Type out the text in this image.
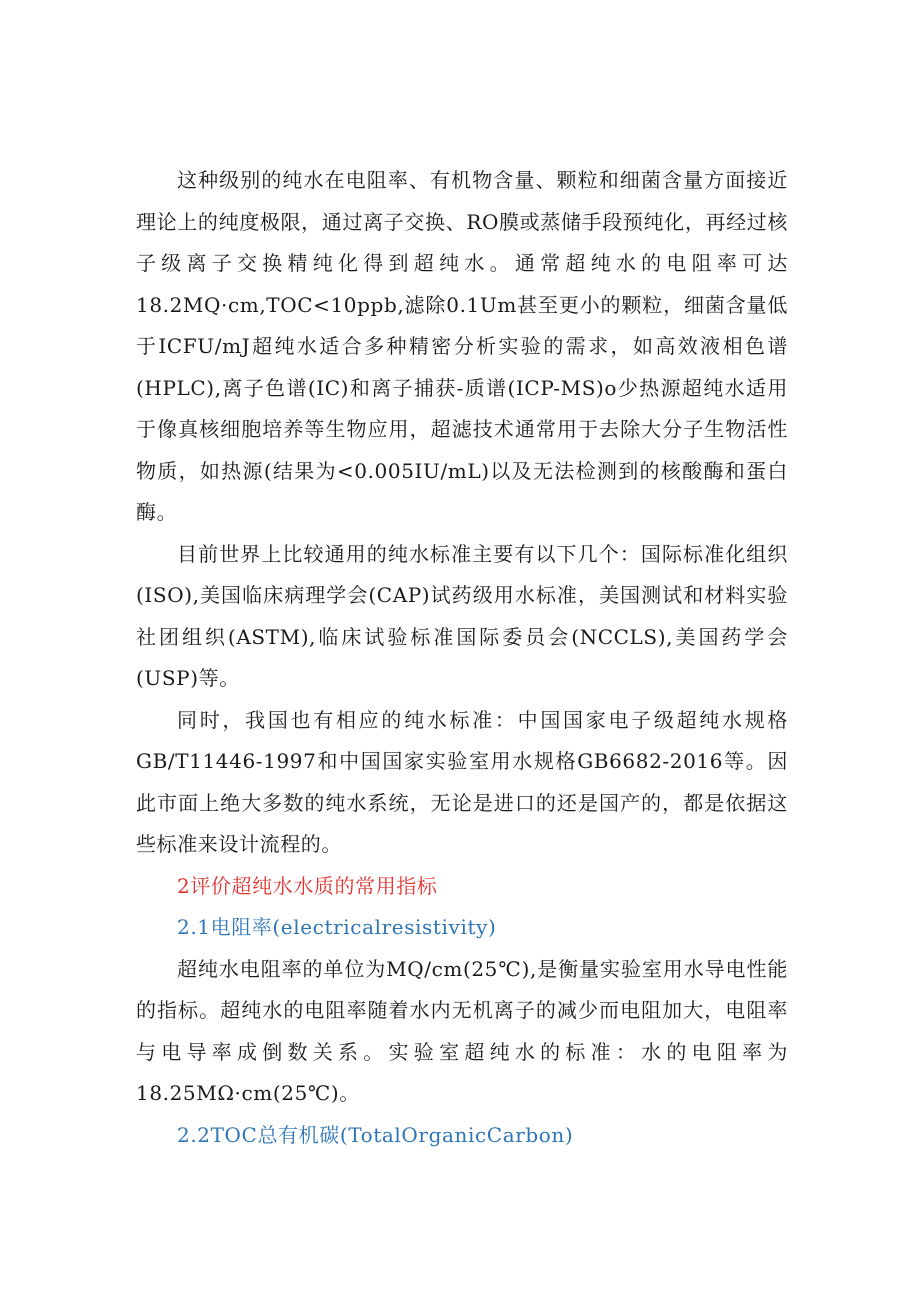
这种级别的纯水在电阻率、有机物含量、颗粒和细菌含量方面接近理论上的纯度极限，通过离子交换、RO膜或蒸储手段预纯化，再经过核子级离子交换精纯化得到超纯水。通常超纯水的电阻率可达18.2MQ·cm,TOC<10ppb,滤除0.1Um甚至更小的颗粒，细菌含量低于ICFU/mJ超纯水适合多种精密分析实验的需求，如高效液相色谱(HPLC),离子色谱(IC)和离子捕获-质谱(ICP-MS)o少热源超纯水适用于像真核细胞培养等生物应用，超滤技术通常用于去除大分子生物活性物质，如热源(结果为<0.005IU/mL)以及无法检测到的核酸酶和蛋白酶。

目前世界上比较通用的纯水标准主要有以下几个：国际标准化组织(ISO),美国临床病理学会(CAP)试药级用水标准，美国测试和材料实验社团组织(ASTM),临床试验标准国际委员会(NCCLS),美国药学会(USP)等。

同时，我国也有相应的纯水标准：中国国家电子级超纯水规格GB/T11446-1997和中国国家实验室用水规格GB6682-2016等。因此市面上绝大多数的纯水系统，无论是进口的还是国产的，都是依据这些标准来设计流程的。

2评价超纯水水质的常用指标

2.1电阻率(electricalresistivity)

超纯水电阻率的单位为MQ/cm(25℃),是衡量实验室用水导电性能的指标。超纯水的电阻率随着水内无机离子的减少而电阻加大，电阻率与电导率成倒数关系。实验室超纯水的标准：水的电阻率为18.25MΩ·cm(25℃)。

2.2TOC总有机碳(TotalOrganicCarbon)
